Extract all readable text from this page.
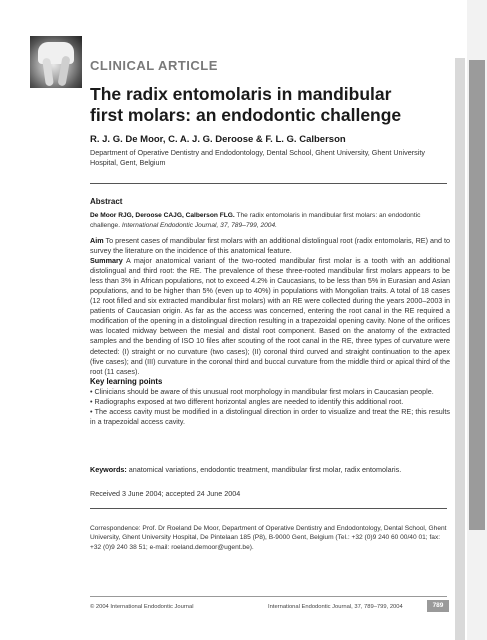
CLINICAL ARTICLE
The radix entomolaris in mandibular
first molars: an endodontic challenge
R. J. G. De Moor, C. A. J. G. Deroose & F. L. G. Calberson
Department of Operative Dentistry and Endodontology, Dental School, Ghent University, Ghent University Hospital, Gent, Belgium
Abstract
De Moor RJG, Deroose CAJG, Calberson FLG. The radix entomolaris in mandibular first molars: an endodontic challenge. International Endodontic Journal, 37, 789–799, 2004.
Aim To present cases of mandibular first molars with an additional distolingual root (radix entomolaris, RE) and to survey the literature on the incidence of this anatomical feature.
Summary A major anatomical variant of the two-rooted mandibular first molar is a tooth with an additional distolingual and third root: the RE. The prevalence of these three-rooted mandibular first molars appears to be less than 3% in African populations, not to exceed 4.2% in Caucasians, to be less than 5% in Eurasian and Asian populations, and to be higher than 5% (even up to 40%) in populations with Mongolian traits. A total of 18 cases (12 root filled and six extracted mandibular first molars) with an RE were collected during the years 2000–2003 in patients of Caucasian origin. As far as the access was concerned, entering the root canal in the RE required a modification of the opening in a distolingual direction resulting in a trapezoidal opening cavity. None of the orifices was located midway between the mesial and distal root component. Based on the anatomy of the extracted samples and the bending of ISO 10 files after scouting of the root canal in the RE, three types of curvature were detected: (I) straight or no curvature (two cases); (II) coronal third curved and straight continuation to the apex (five cases); and (III) curvature in the coronal third and buccal curvature from the middle third or apical third of the root (11 cases).
Key learning points
• Clinicians should be aware of this unusual root morphology in mandibular first molars in Caucasian people.
• Radiographs exposed at two different horizontal angles are needed to identify this additional root.
• The access cavity must be modified in a distolingual direction in order to visualize and treat the RE; this results in a trapezoidal access cavity.
Keywords: anatomical variations, endodontic treatment, mandibular first molar, radix entomolaris.
Received 3 June 2004; accepted 24 June 2004
Correspondence: Prof. Dr Roeland De Moor, Department of Operative Dentistry and Endodontology, Dental School, Ghent University, Ghent University Hospital, De Pintelaan 185 (P8), B-9000 Gent, Belgium (Tel.: +32 (0)9 240 60 00/40 01; fax: +32 (0)9 240 38 51; e-mail: roeland.demoor@ugent.be).
© 2004 International Endodontic Journal	International Endodontic Journal, 37, 789–799, 2004	789
